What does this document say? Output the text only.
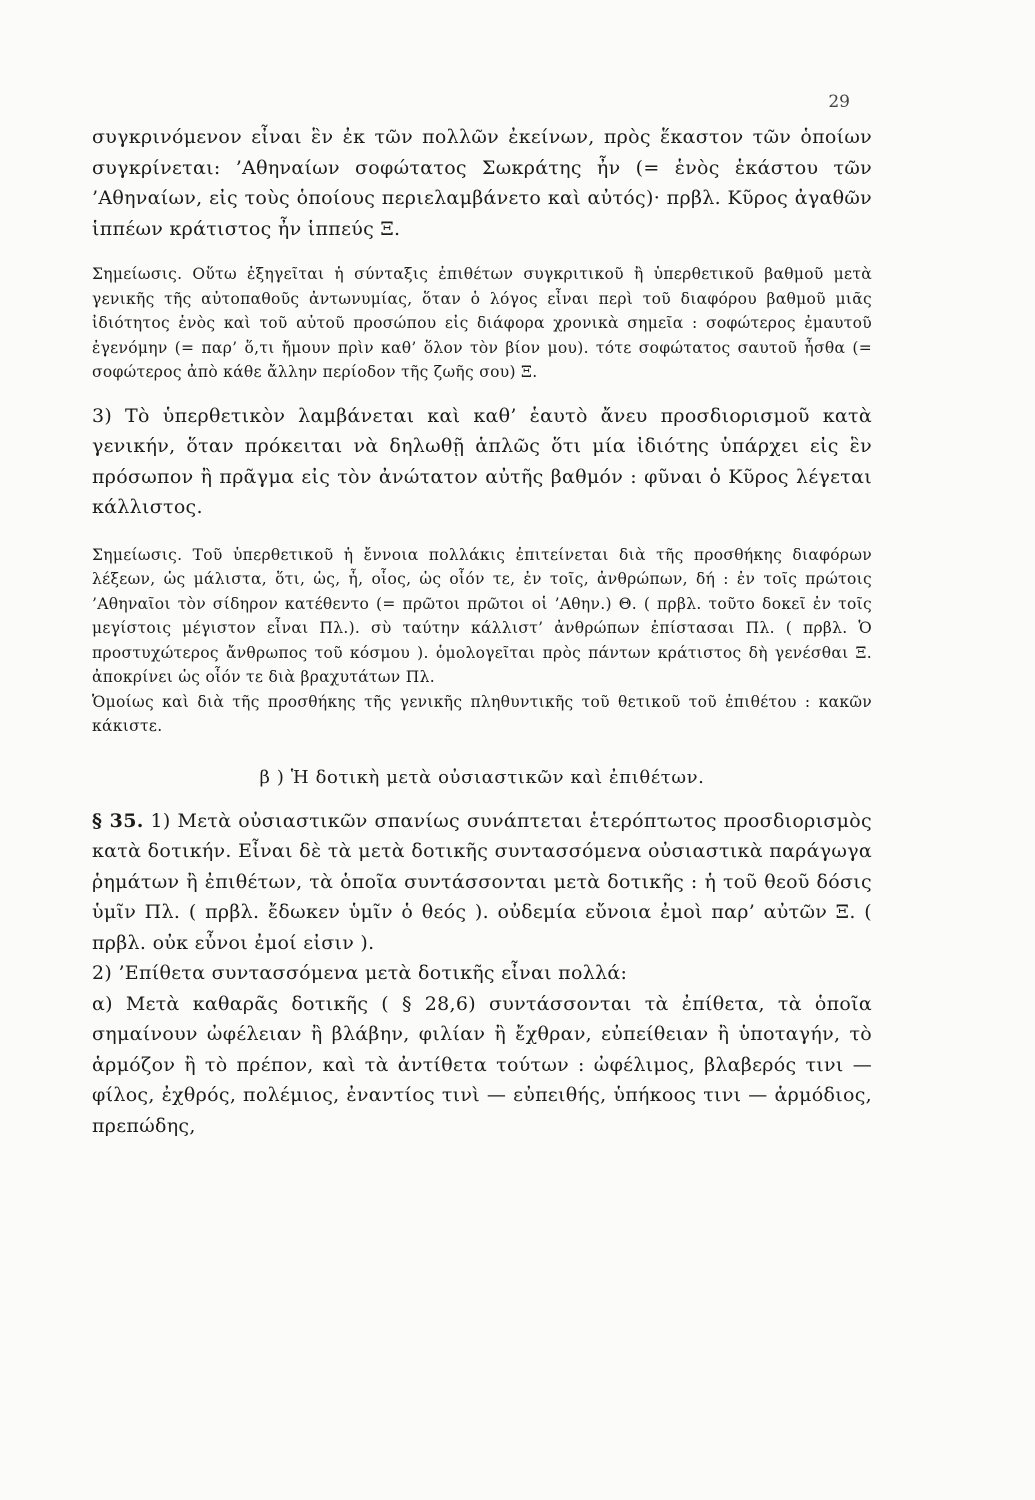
29

συγκρινόμενον εἶναι ἓν ἐκ τῶν πολλῶν ἐκείνων, πρὸς ἕκαστον τῶν ὁποίων συγκρίνεται: ’Αθηναίων σοφώτατος Σωκράτης ἦν (= ἑνὸς ἑκάστου τῶν ’Αθηναίων, εἰς τοὺς ὁποίους περιελαμβάνετο καὶ αὐτός)· πρβλ. Κῦρος ἀγαθῶν ἱππέων κράτιστος ἦν ἱππεύς Ξ.

Σημείωσις. Οὕτω ἐξηγεῖται ἡ σύνταξις ἐπιθέτων συγκριτικοῦ ἢ ὑπερθετικοῦ βαθμοῦ μετὰ γενικῆς τῆς αὐτοπαθοῦς ἀντωνυμίας, ὅταν ὁ λόγος εἶναι περὶ τοῦ διαφόρου βαθμοῦ μιᾶς ἰδιότητος ἑνὸς καὶ τοῦ αὐτοῦ προσώπου εἰς διάφορα χρονικὰ σημεῖα : σοφώτερος ἐμαυτοῦ ἐγενόμην (= παρ’ ὅ,τι ἤμουν πρὶν καθ’ ὅλον τὸν βίον μου). τότε σοφώτατος σαυτοῦ ἦσθα (= σοφώτερος ἀπὸ κάθε ἄλλην περίοδον τῆς ζωῆς σου) Ξ.

3) Τὸ ὑπερθετικὸν λαμβάνεται καὶ καθ’ ἑαυτὸ ἄνευ προσδιορισμοῦ κατὰ γενικήν, ὅταν πρόκειται νὰ δηλωθῇ ἁπλῶς ὅτι μία ἰδιότης ὑπάρχει εἰς ἓν πρόσωπον ἢ πρᾶγμα εἰς τὸν ἀνώτατον αὐτῆς βαθμόν : φῦναι ὁ Κῦρος λέγεται κάλλιστος.

Σημείωσις. Τοῦ ὑπερθετικοῦ ἡ ἔννοια πολλάκις ἐπιτείνεται διὰ τῆς προσθήκης διαφόρων λέξεων, ὡς μάλιστα, ὅτι, ὡς, ἦ, οἷος, ὡς οἷόν τε, ἐν τοῖς, ἀνθρώπων, δή : ἐν τοῖς πρώτοις ’Αθηναῖοι τὸν σίδηρον κατέθεντο (= πρῶτοι πρῶτοι οἱ ’Αθην.) Θ. ( πρβλ. τοῦτο δοκεῖ ἐν τοῖς μεγίστοις μέγιστον εἶναι Πλ.). σὺ ταύτην κάλλιστ’ ἀνθρώπων ἐπίστασαι Πλ. ( πρβλ. Ὁ προστυχώτερος ἄνθρωπος τοῦ κόσμου ). ὁμολογεῖται πρὸς πάντων κράτιστος δὴ γενέσθαι Ξ. ἀποκρίνει ὡς οἷόν τε διὰ βραχυτάτων Πλ.

Ὁμοίως καὶ διὰ τῆς προσθήκης τῆς γενικῆς πληθυντικῆς τοῦ θετικοῦ τοῦ ἐπιθέτου : κακῶν κάκιστε.

β ) Ἡ δοτικὴ μετὰ οὐσιαστικῶν καὶ ἐπιθέτων.

§ 35. 1) Μετὰ οὐσιαστικῶν σπανίως συνάπτεται ἑτερόπτωτος προσδιορισμὸς κατὰ δοτικήν. Εἶναι δὲ τὰ μετὰ δοτικῆς συντασσόμενα οὐσιαστικὰ παράγωγα ῥημάτων ἢ ἐπιθέτων, τὰ ὁποῖα συντάσσονται μετὰ δοτικῆς : ἡ τοῦ θεοῦ δόσις ὑμῖν Πλ. ( πρβλ. ἔδωκεν ὑμῖν ὁ θεός ). οὐδεμία εὔνοια ἐμοὶ παρ’ αὐτῶν Ξ. ( πρβλ. οὐκ εὖνοι ἐμοί εἰσιν ).

2) ’Επίθετα συντασσόμενα μετὰ δοτικῆς εἶναι πολλά:

α) Μετὰ καθαρᾶς δοτικῆς ( § 28,6) συντάσσονται τὰ ἐπίθετα, τὰ ὁποῖα σημαίνουν ὠφέλειαν ἢ βλάβην, φιλίαν ἢ ἔχθραν, εὐπείθειαν ἢ ὑποταγήν, τὸ ἁρμόζον ἢ τὸ πρέπον, καὶ τὰ ἀντίθετα τούτων : ὠφέλιμος, βλαβερός τινι — φίλος, ἐχθρός, πολέμιος, ἐναντίος τινὶ — εὐπειθής, ὑπήκοος τινι — ἁρμόδιος, πρεπώδης,
